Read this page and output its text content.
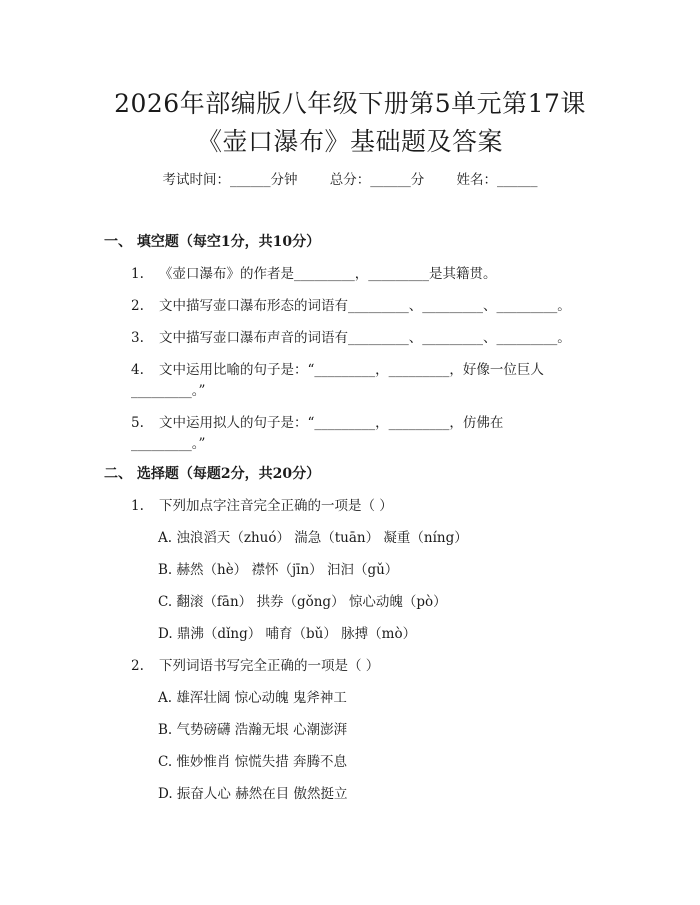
2026年部编版八年级下册第5单元第17课
《壶口瀑布》基础题及答案
考试时间：______分钟 总分：______分 姓名：______
一、 填空题（每空1分，共10分）
1. 《壶口瀑布》的作者是_________，_________是其籍贯。
2. 文中描写壶口瀑布形态的词语有_________、_________、_________。
3. 文中描写壶口瀑布声音的词语有_________、_________、_________。
4. 文中运用比喻的句子是：“_________，_________，好像一位巨人
_________。”
5. 文中运用拟人的句子是：“_________，_________，仿佛在
_________。”
二、 选择题（每题2分，共20分）
1. 下列加点字注音完全正确的一项是（ ）
A. 浊浪滔天（zhuó） 湍急（tuān） 凝重（níng）
B. 赫然（hè） 襟怀（jīn） 汩汩（gǔ）
C. 翻滚（fān） 拱券（gǒng） 惊心动魄（pò）
D. 鼎沸（dǐng） 哺育（bǔ） 脉搏（mò）
2. 下列词语书写完全正确的一项是（ ）
A. 雄浑壮阔 惊心动魄 鬼斧神工
B. 气势磅礴 浩瀚无垠 心潮澎湃
C. 惟妙惟肖 惊慌失措 奔腾不息
D. 振奋人心 赫然在目 傲然挺立
